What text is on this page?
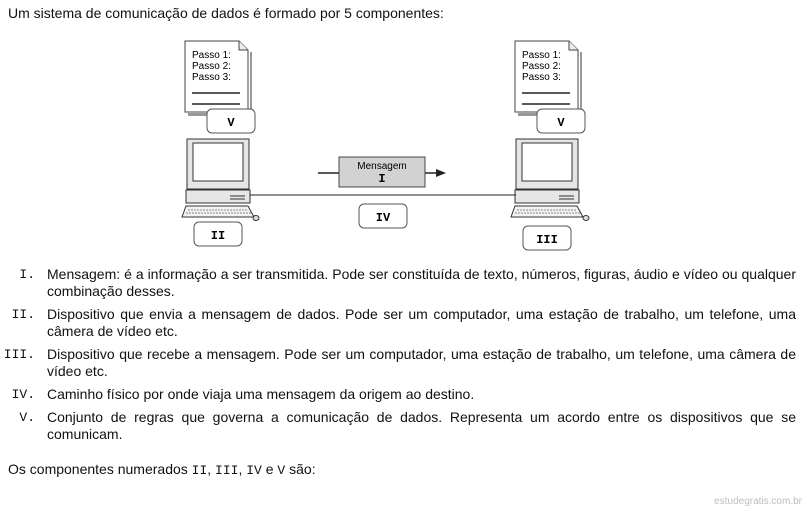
Um sistema de comunicação de dados é formado por 5 componentes:
Passo 1:
Passo 2:
Passo 3:
V
Passo 1:
Passo 2:
Passo 3:
V
II	III
Mensagem
I
IV
I. Mensagem: é a informação a ser transmitida. Pode ser constituída de texto, números, figuras, áudio e vídeo ou qualquer combinação desses.
II. Dispositivo que envia a mensagem de dados. Pode ser um computador, uma estação de trabalho, um telefone, uma câmera de vídeo etc.
III. Dispositivo que recebe a mensagem. Pode ser um computador, uma estação de trabalho, um telefone, uma câmera de vídeo etc.
IV. Caminho físico por onde viaja uma mensagem da origem ao destino.
V. Conjunto de regras que governa a comunicação de dados. Representa um acordo entre os dispositivos que se comunicam.
Os componentes numerados II, III, IV e V são:
estudegratis.com.br
